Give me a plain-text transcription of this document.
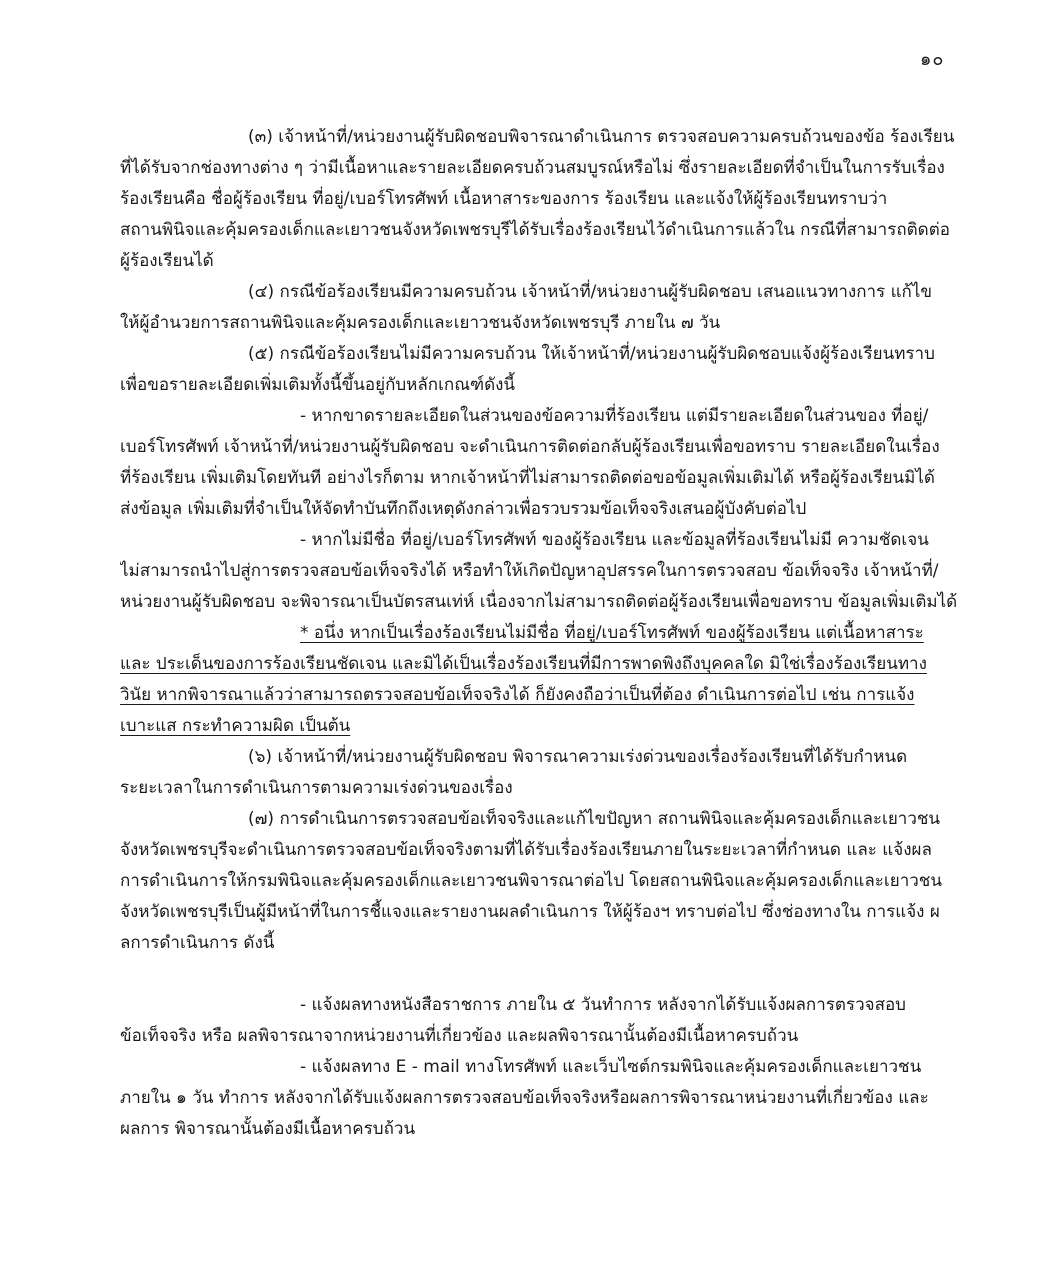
๑๐
(๓) เจ้าหน้าที่/หน่วยงานผู้รับผิดชอบพิจารณาดำเนินการ ตรวจสอบความครบถ้วนของข้อ ร้องเรียน
ที่ได้รับจากช่องทางต่าง ๆ ว่ามีเนื้อหาและรายละเอียดครบถ้วนสมบูรณ์หรือไม่ ซึ่งรายละเอียดที่จำเป็นในการรับเรื่อง
ร้องเรียนคือ ชื่อผู้ร้องเรียน ที่อยู่/เบอร์โทรศัพท์ เนื้อหาสาระของการ ร้องเรียน และแจ้งให้ผู้ร้องเรียนทราบว่า
สถานพินิจและคุ้มครองเด็กและเยาวชนจังหวัดเพชรบุรีได้รับเรื่องร้องเรียนไว้ดำเนินการแล้วใน กรณีที่สามารถติดต่อ
ผู้ร้องเรียนได้
(๔) กรณีข้อร้องเรียนมีความครบถ้วน เจ้าหน้าที่/หน่วยงานผู้รับผิดชอบ เสนอแนวทางการ แก้ไข
ให้ผู้อำนวยการสถานพินิจและคุ้มครองเด็กและเยาวชนจังหวัดเพชรบุรี ภายใน ๗ วัน
(๕) กรณีข้อร้องเรียนไม่มีความครบถ้วน ให้เจ้าหน้าที่/หน่วยงานผู้รับผิดชอบแจ้งผู้ร้องเรียนทราบ
เพื่อขอรายละเอียดเพิ่มเติมทั้งนี้ขึ้นอยู่กับหลักเกณฑ์ดังนี้
- หากขาดรายละเอียดในส่วนของข้อความที่ร้องเรียน แต่มีรายละเอียดในส่วนของ ที่อยู่/
เบอร์โทรศัพท์ เจ้าหน้าที่/หน่วยงานผู้รับผิดชอบ จะดำเนินการติดต่อกลับผู้ร้องเรียนเพื่อขอทราบ รายละเอียดในเรื่อง
ที่ร้องเรียน เพิ่มเติมโดยทันที อย่างไรก็ตาม หากเจ้าหน้าที่ไม่สามารถติดต่อขอข้อมูลเพิ่มเติมได้ หรือผู้ร้องเรียนมิได้
ส่งข้อมูล เพิ่มเติมที่จำเป็นให้จัดทำบันทึกถึงเหตุดังกล่าวเพื่อรวบรวมข้อเท็จจริงเสนอผู้บังคับต่อไป
- หากไม่มีชื่อ ที่อยู่/เบอร์โทรศัพท์ ของผู้ร้องเรียน และข้อมูลที่ร้องเรียนไม่มี ความชัดเจน
ไม่สามารถนำไปสู่การตรวจสอบข้อเท็จจริงได้ หรือทำให้เกิดปัญหาอุปสรรคในการตรวจสอบ ข้อเท็จจริง เจ้าหน้าที่/
หน่วยงานผู้รับผิดชอบ จะพิจารณาเป็นบัตรสนเท่ห์ เนื่องจากไม่สามารถติดต่อผู้ร้องเรียนเพื่อขอทราบ ข้อมูลเพิ่มเติมได้
* อนึ่ง หากเป็นเรื่องร้องเรียนไม่มีชื่อ ที่อยู่/เบอร์โทรศัพท์ ของผู้ร้องเรียน แต่เนื้อหาสาระ
และ ประเด็นของการร้องเรียนชัดเจน และมิได้เป็นเรื่องร้องเรียนที่มีการพาดพิงถึงบุคคลใด มิใช่เรื่องร้องเรียนทาง
วินัย หากพิจารณาแล้วว่าสามารถตรวจสอบข้อเท็จจริงได้ ก็ยังคงถือว่าเป็นที่ต้อง ดำเนินการต่อไป เช่น การแจ้ง
เบาะแส กระทำความผิด เป็นต้น
(๖) เจ้าหน้าที่/หน่วยงานผู้รับผิดชอบ พิจารณาความเร่งด่วนของเรื่องร้องเรียนที่ได้รับกำหนด
ระยะเวลาในการดำเนินการตามความเร่งด่วนของเรื่อง
(๗) การดำเนินการตรวจสอบข้อเท็จจริงและแก้ไขปัญหา สถานพินิจและคุ้มครองเด็กและเยาวชน
จังหวัดเพชรบุรีจะดำเนินการตรวจสอบข้อเท็จจริงตามที่ได้รับเรื่องร้องเรียนภายในระยะเวลาที่กำหนด และ แจ้งผล
การดำเนินการให้กรมพินิจและคุ้มครองเด็กและเยาวชนพิจารณาต่อไป โดยสถานพินิจและคุ้มครองเด็กและเยาวชน
จังหวัดเพชรบุรีเป็นผู้มีหน้าที่ในการชี้แจงและรายงานผลดำเนินการ ให้ผู้ร้องฯ ทราบต่อไป ซึ่งช่องทางใน การแจ้ง ผ
ลการดำเนินการ ดังนี้
- แจ้งผลทางหนังสือราชการ ภายใน ๕ วันทำการ หลังจากได้รับแจ้งผลการตรวจสอบ
ข้อเท็จจริง หรือ ผลพิจารณาจากหน่วยงานที่เกี่ยวข้อง และผลพิจารณานั้นต้องมีเนื้อหาครบถ้วน
- แจ้งผลทาง E - mail ทางโทรศัพท์ และเว็บไซต์กรมพินิจและคุ้มครองเด็กและเยาวชน
ภายใน ๑ วัน ทำการ หลังจากได้รับแจ้งผลการตรวจสอบข้อเท็จจริงหรือผลการพิจารณาหน่วยงานที่เกี่ยวข้อง และ
ผลการ พิจารณานั้นต้องมีเนื้อหาครบถ้วน
